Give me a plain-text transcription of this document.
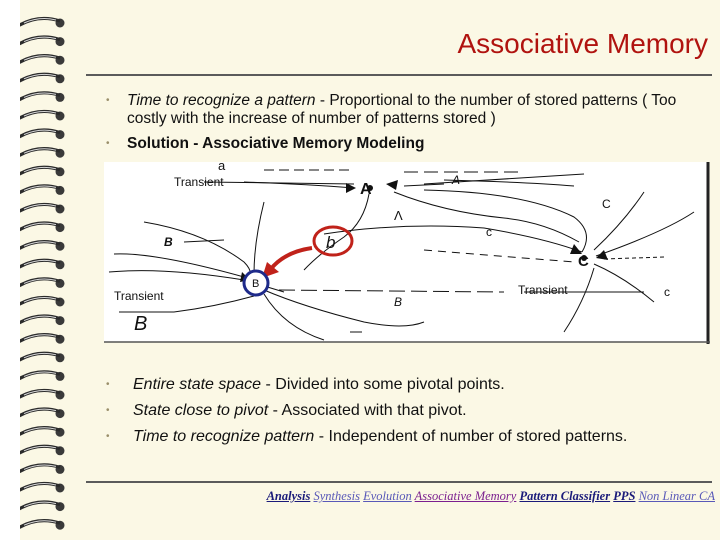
Associative Memory
• Time to recognize a pattern - Proportional to the number of stored patterns ( Too costly with the increase of number of patterns stored )
• Solution - Associative Memory Modeling
a
Transient	A
A
Λ
C
c
C
b
B
B
Transient
B
B
Transient	c
• Entire state space - Divided into some pivotal points.
• State close to pivot - Associated with that pivot.
• Time to recognize pattern - Independent of number of stored patterns.
Analysis Synthesis Evolution Associative Memory Pattern Classifier PPS Non Linear CA
